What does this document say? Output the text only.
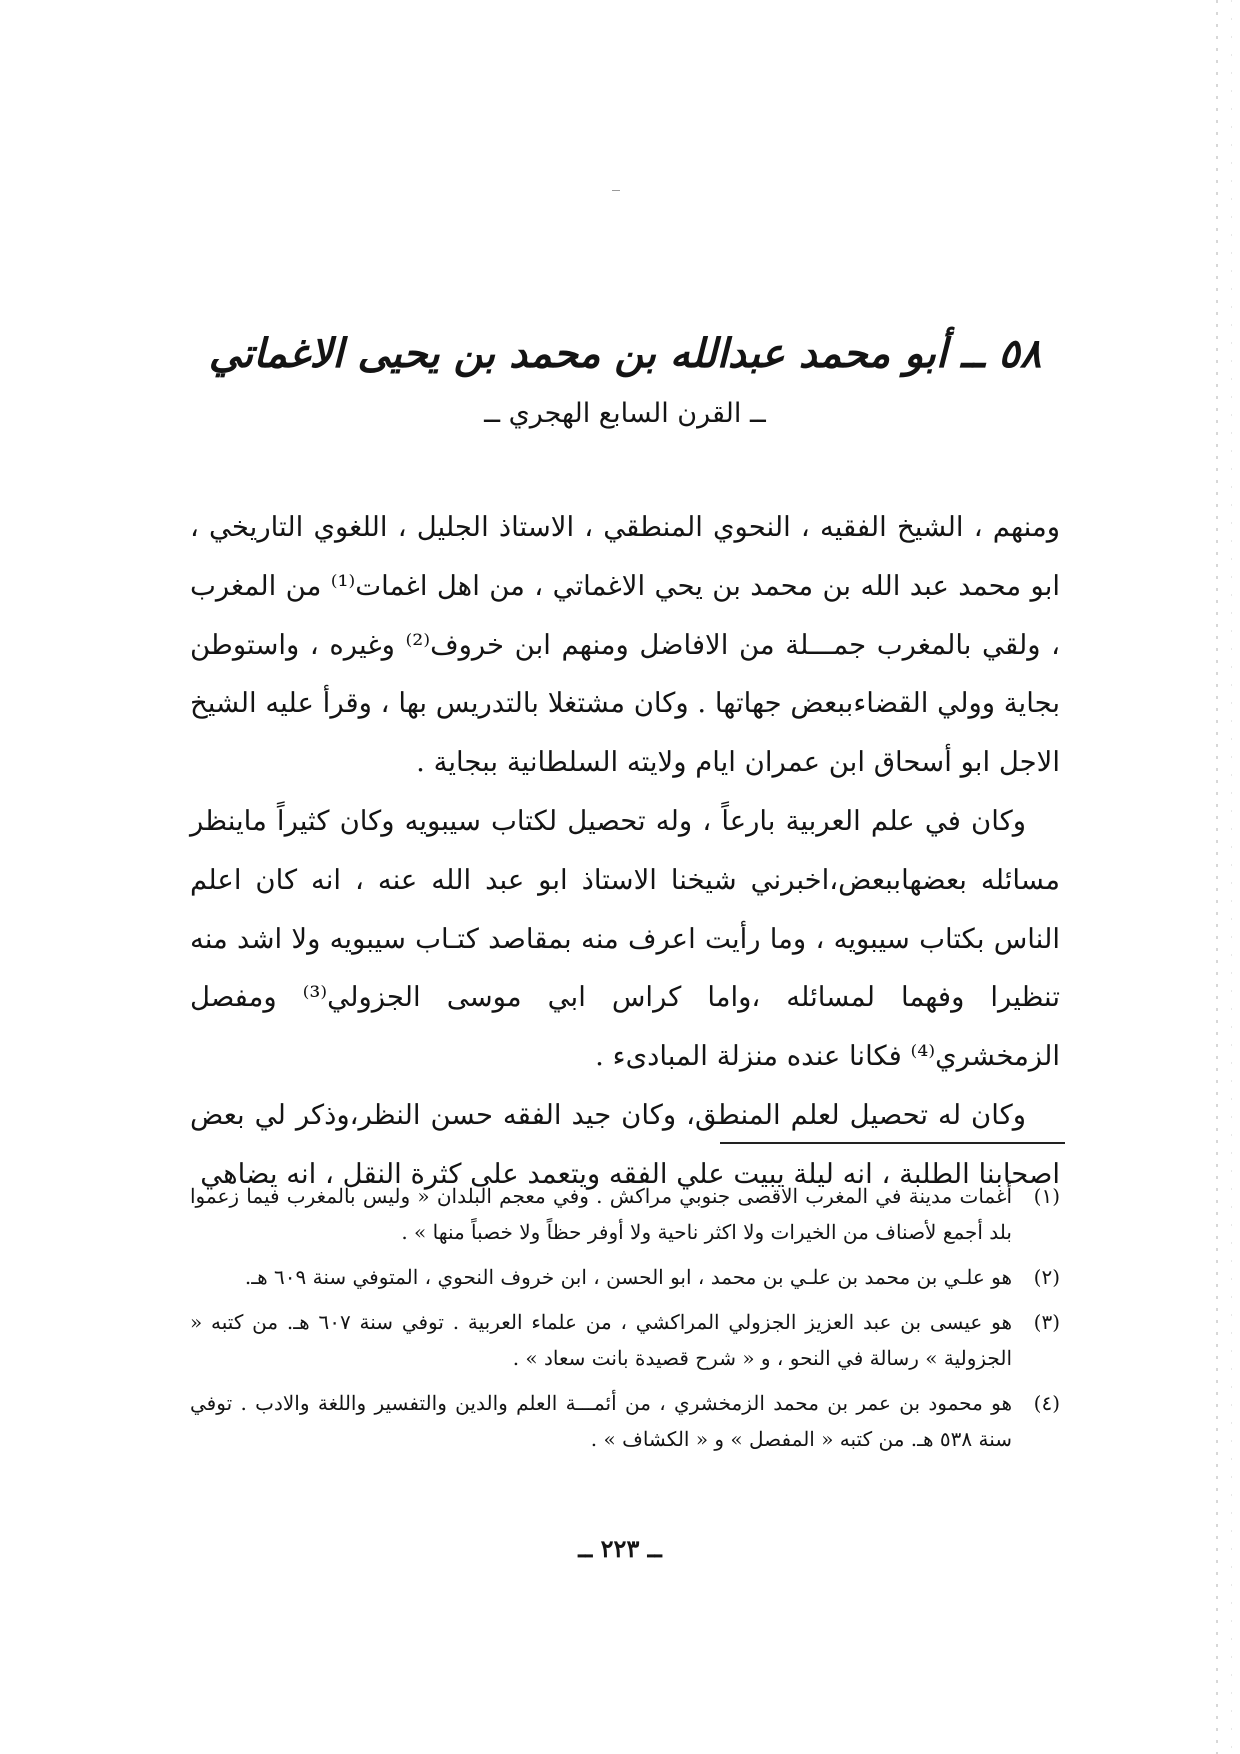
٥٨ ــ أبو محمد عبدالله بن محمد بن يحيى الاغماتي
ــ القرن السابع الهجري ــ

ومنهم ، الشيخ الفقيه ، النحوي المنطقي ، الاستاذ الجليل ، اللغوي التاريخي ، ابو محمد عبد الله بن محمد بن يحي الاغماتي ، من اهل اغمات⁽¹⁾ من المغرب ، ولقي بالمغرب جمـــلة من الافاضل ومنهم ابن خروف⁽²⁾ وغيره ، واستوطن بجاية وولي القضاءببعض جهاتها . وكان مشتغلا بالتدريس بها ، وقرأ عليه الشيخ الاجل ابو أسحاق ابن عمران ايام ولايته السلطانية ببجاية .

وكان في علم العربية بارعاً ، وله تحصيل لكتاب سيبويه وكان كثيراً ماينظر مسائله بعضهاببعض،اخبرني شيخنا الاستاذ ابو عبد الله عنه ، انه كان اعلم الناس بكتاب سيبويه ، وما رأيت اعرف منه بمقاصد كتـاب سيبويه ولا اشد منه تنظيرا وفهما لمسائله ،واما كراس ابي موسى الجزولي⁽³⁾ ومفصل الزمخشري⁽⁴⁾ فكانا عنده منزلة المبادىء .

وكان له تحصيل لعلم المنطق، وكان جيد الفقه حسن النظر،وذكر لي بعض اصحابنا الطلبة ، انه ليلة يبيت علي الفقه ويتعمد على كثرة النقل ، انه يضاهي

(١)
أغمات مدينة في المغرب الاقصى جنوبي مراكش . وفي معجم البلدان « وليس بالمغرب فيما زعموا بلد أجمع لأصناف من الخيرات ولا اكثر ناحية ولا أوفر حظاً ولا خصباً منها » .
(٢)
هو علـي بن محمد بن علـي بن محمد ، ابو الحسن ، ابن خروف النحوي ، المتوفي سنة ٦٠٩ هـ.
(٣)
هو عيسى بن عبد العزيز الجزولي المراكشي ، من علماء العربية . توفي سنة ٦٠٧ هـ. من كتبه « الجزولية » رسالة في النحو ، و « شرح قصيدة بانت سعاد » .
(٤)
هو محمود بن عمر بن محمد الزمخشري ، من أئمـــة العلم والدين والتفسير واللغة والادب . توفي سنة ٥٣٨ هـ. من كتبه « المفصل » و « الكشاف » .
ــ ٢٢٣ ــ
